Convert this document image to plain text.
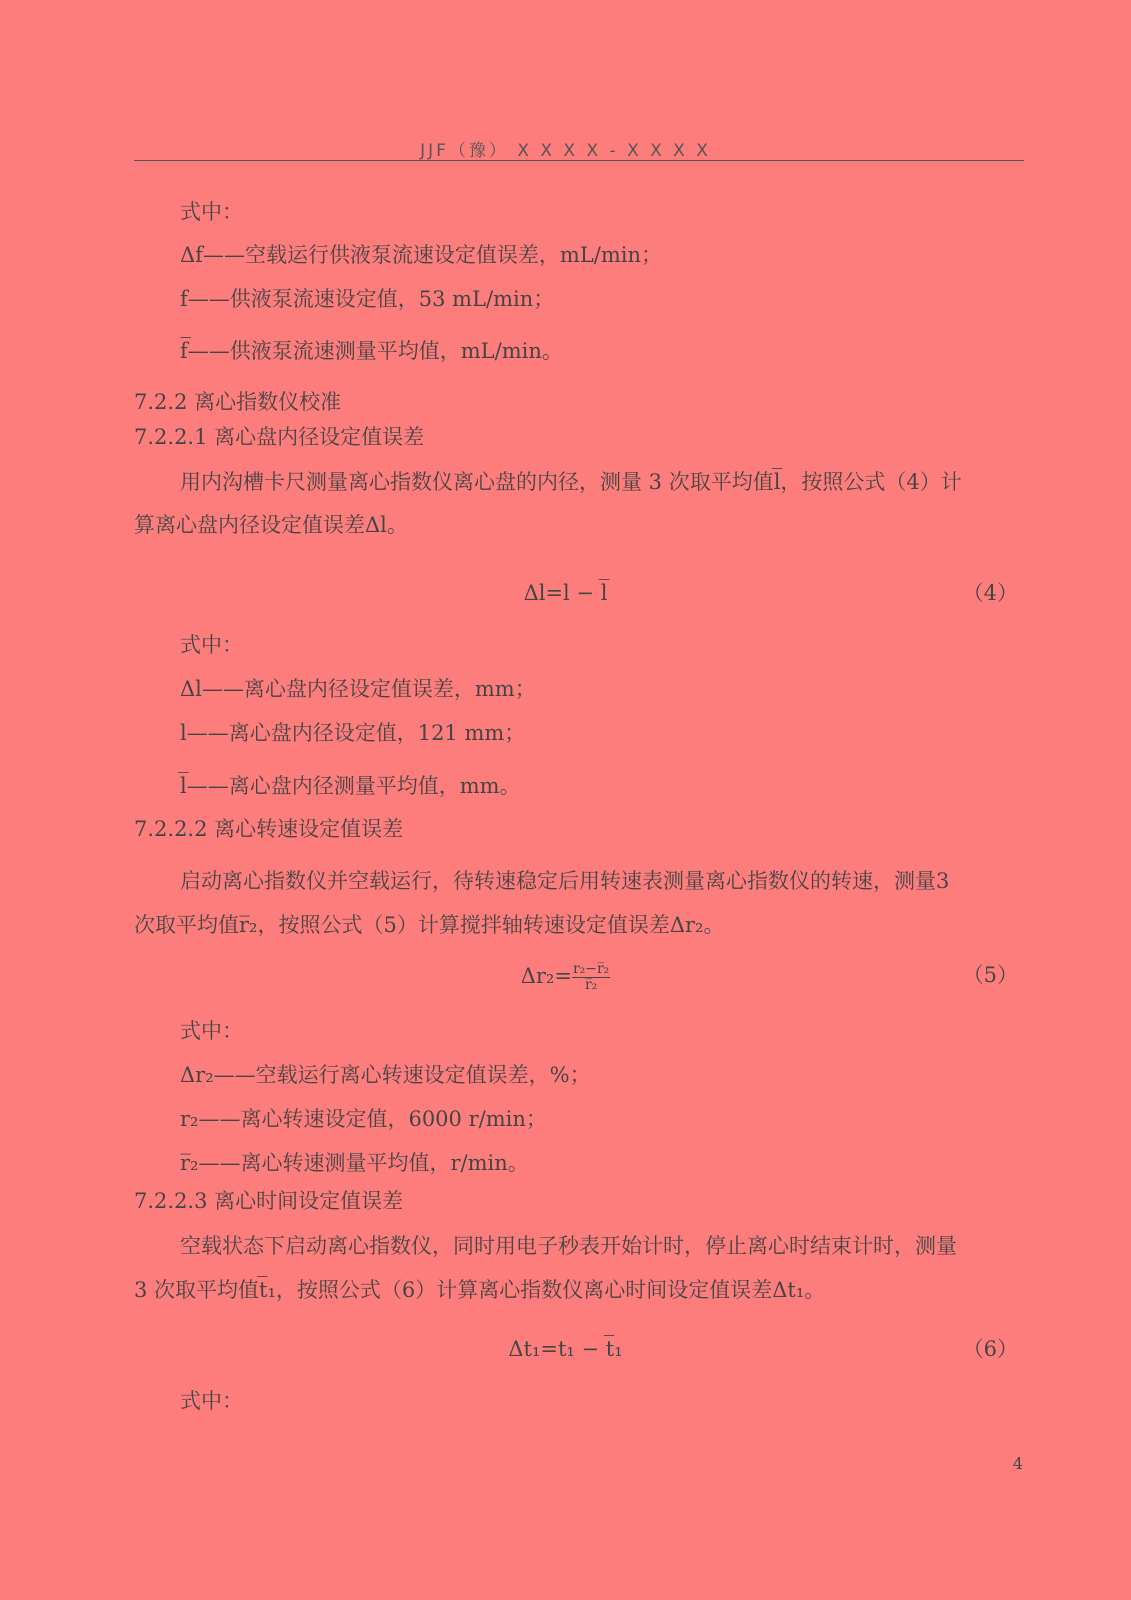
JJF（豫） X X X X - X X X X
式中：
Δf——空载运行供液泵流速设定值误差，mL/min；
f——供液泵流速设定值，53 mL/min；
f̅——供液泵流速测量平均值，mL/min。
7.2.2 离心指数仪校准
7.2.2.1 离心盘内径设定值误差
用内沟槽卡尺测量离心指数仪离心盘的内径，测量 3 次取平均值l̅，按照公式（4）计
算离心盘内径设定值误差Δl。
Δl=l − l̅	（4）
式中：
Δl——离心盘内径设定值误差，mm；
l——离心盘内径设定值，121 mm；
l̅——离心盘内径测量平均值，mm。
7.2.2.2 离心转速设定值误差
启动离心指数仪并空载运行，待转速稳定后用转速表测量离心指数仪的转速，测量3
次取平均值r̅₂，按照公式（5）计算搅拌轴转速设定值误差Δr₂。
$\Delta r_2= \frac{\text{r₂−r̅₂}}{\text{r̅₂}}$	（5）
式中：
Δr₂——空载运行离心转速设定值误差，%；
r₂——离心转速设定值，6000 r/min；
r̅₂——离心转速测量平均值，r/min。
7.2.2.3 离心时间设定值误差
空载状态下启动离心指数仪，同时用电子秒表开始计时，停止离心时结束计时，测量
3 次取平均值t̅₁，按照公式（6）计算离心指数仪离心时间设定值误差Δt₁。
Δt₁=t₁ − t̅₁	（6）
式中：
4
